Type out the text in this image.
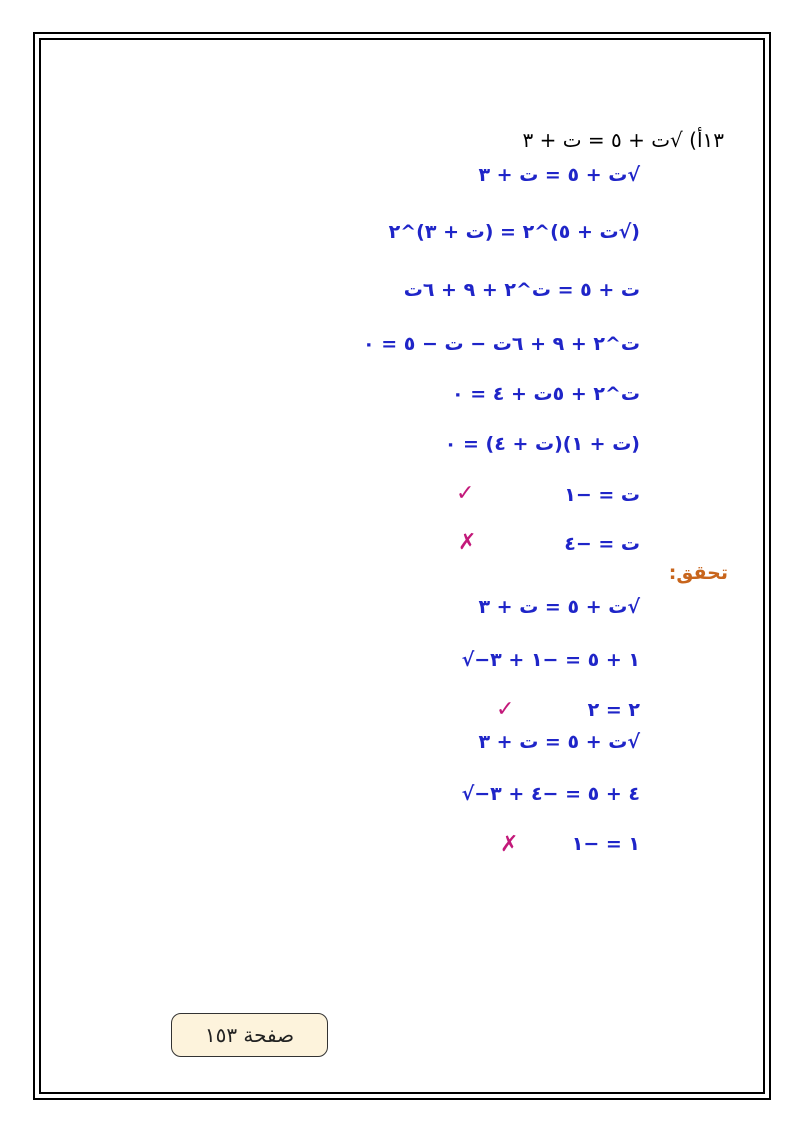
١٣أ) √ت + ٥ = ت + ٣
√ت + ٥ = ت + ٣
(√ت + ٥)^٢ = (ت + ٣)^٢
ت + ٥ = ت^٢ + ٩ + ٦ت
ت^٢ + ٩ + ٦ت − ت − ٥ = ٠
ت^٢ + ٥ت + ٤ = ٠
(ت + ١)(ت + ٤) = ٠
ت = −١
✓
ت = −٤
✗
تحقق:
√ت + ٥ = ت + ٣
√−١ + ٥ = −١ + ٣
٢ = ٢
✓
√ت + ٥ = ت + ٣
√−٤ + ٥ = −٤ + ٣
١ = −١
✗
صفحة ١٥٣
